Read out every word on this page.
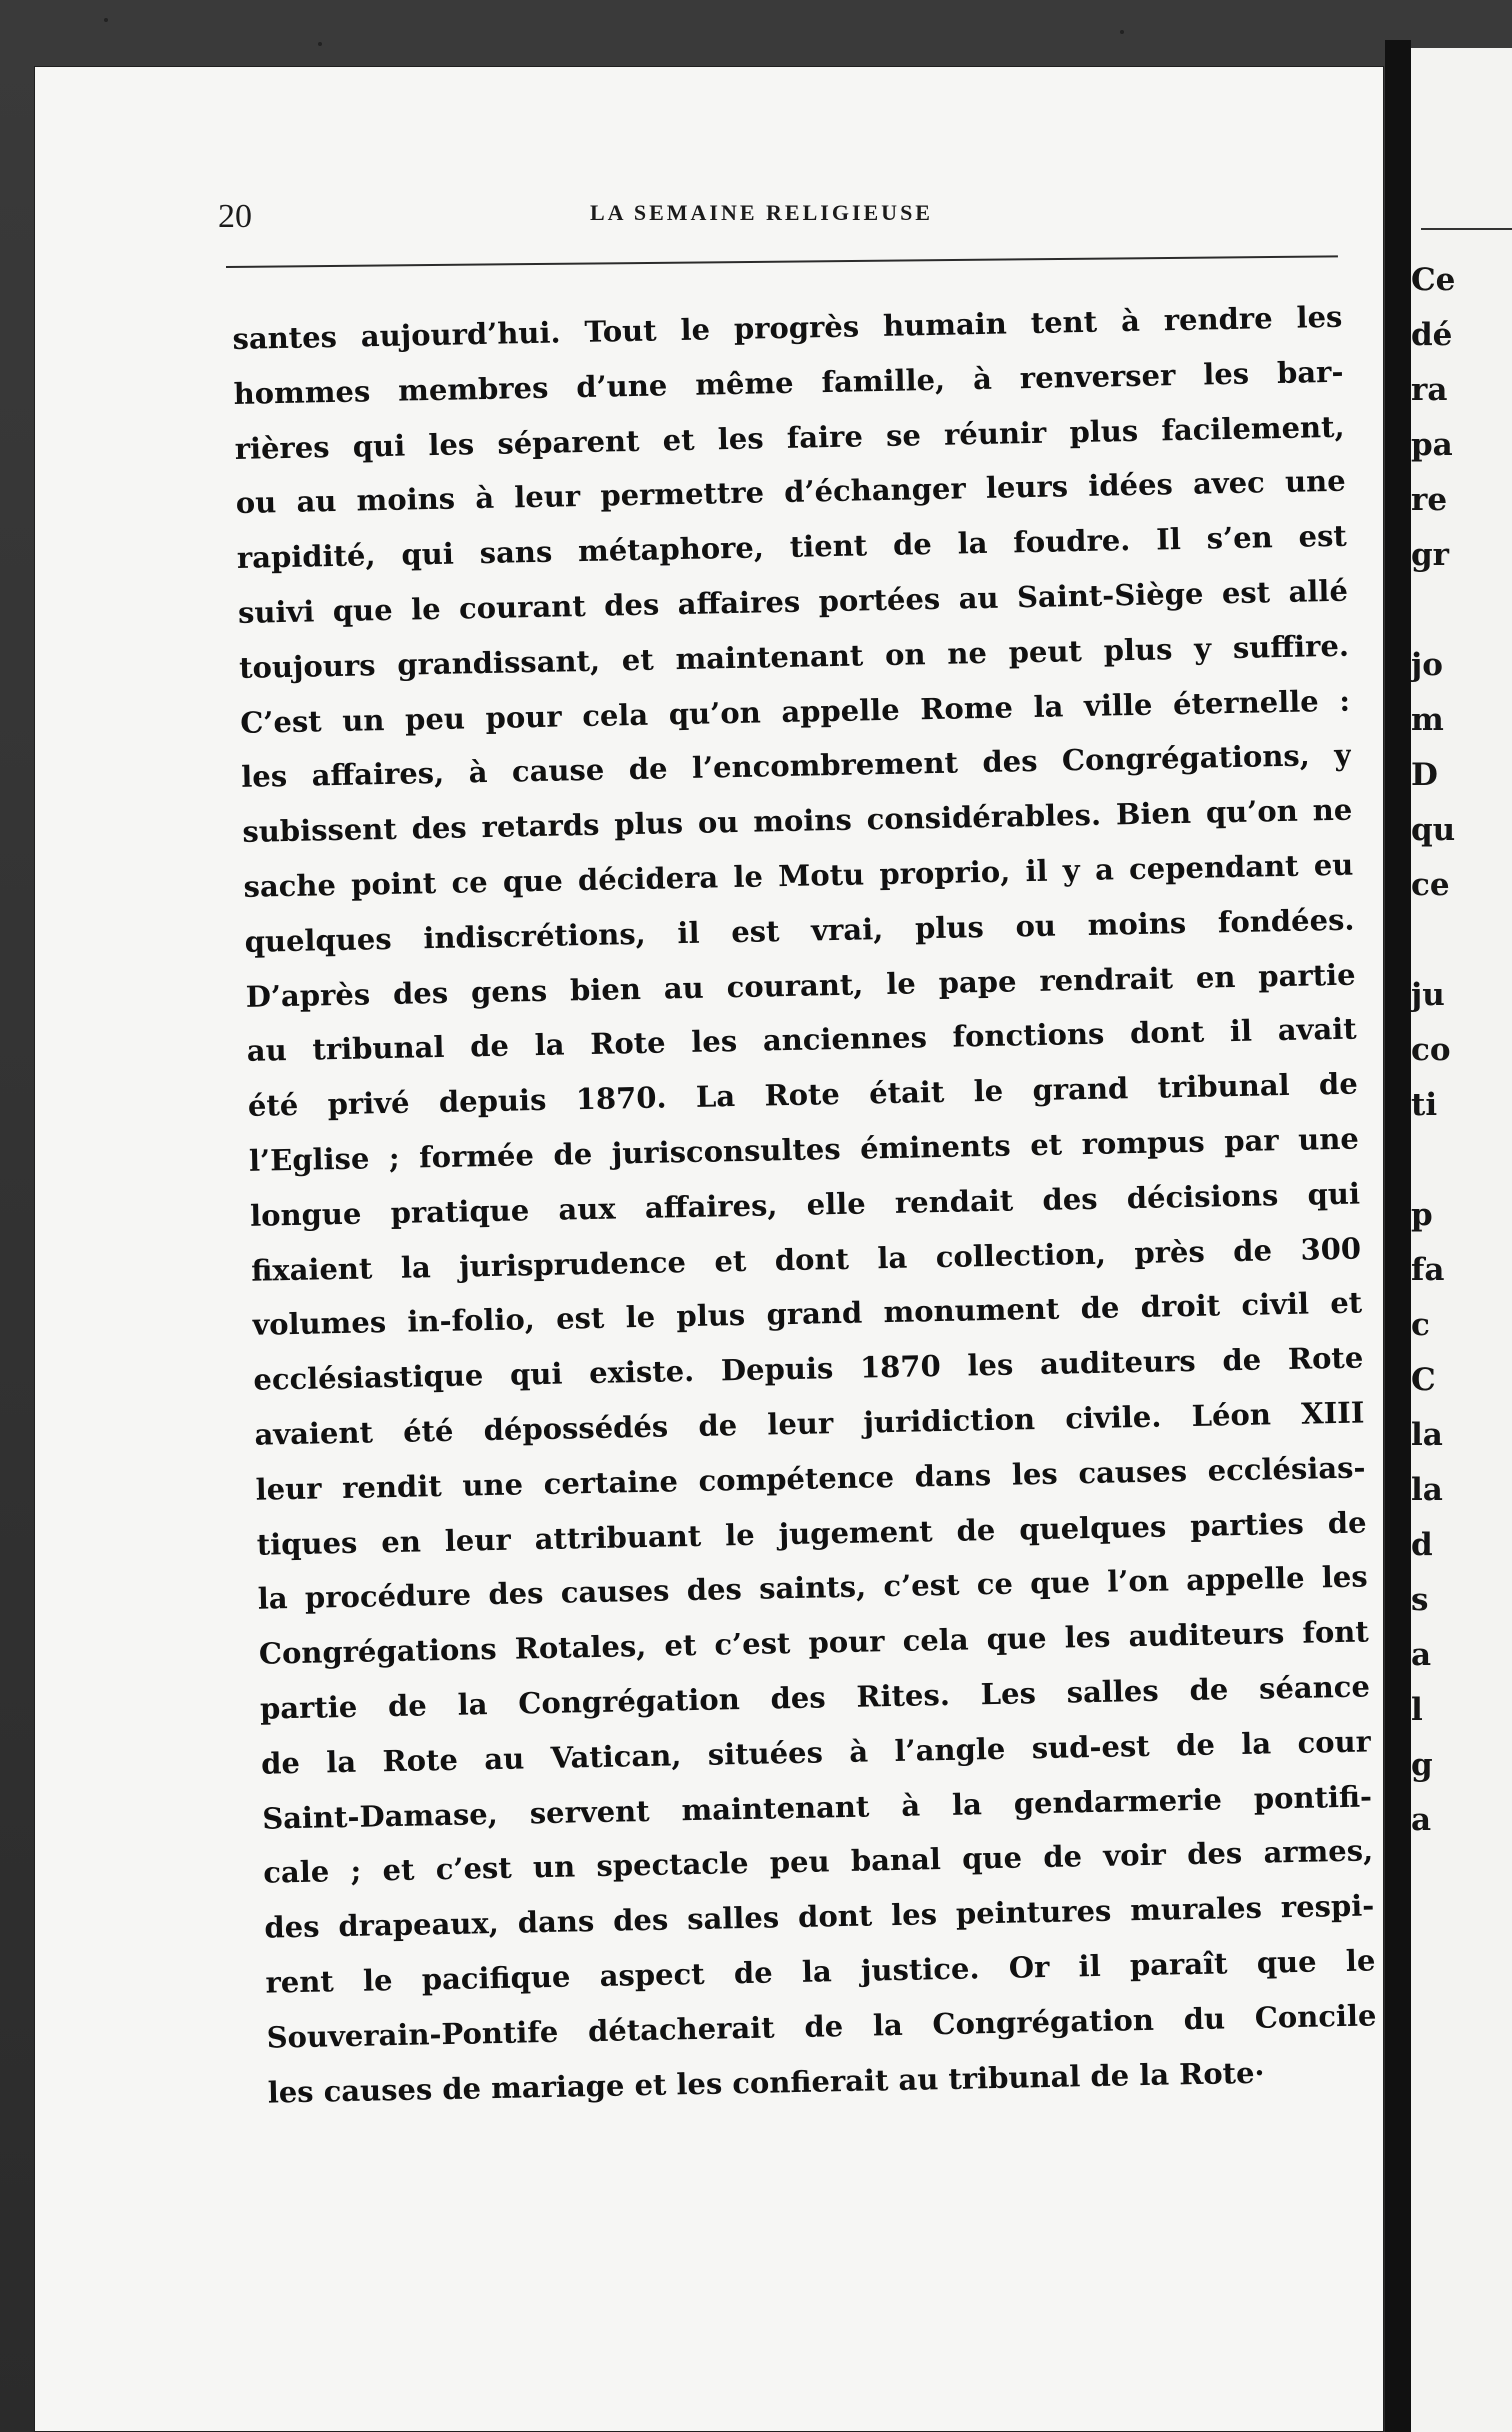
20	LA SEMAINE RELIGIEUSE
santes aujourd’hui. Tout le progrès humain tent à rendre les
hommes membres d’une même famille, à renverser les bar-
rières qui les séparent et les faire se réunir plus facilement,
ou au moins à leur permettre d’échanger leurs idées avec une
rapidité, qui sans métaphore, tient de la foudre. Il s’en est
suivi que le courant des affaires portées au Saint-Siège est allé
toujours grandissant, et maintenant on ne peut plus y suffire.
C’est un peu pour cela qu’on appelle Rome la ville éternelle :
les affaires, à cause de l’encombrement des Congrégations, y
subissent des retards plus ou moins considérables. Bien qu’on ne
sache point ce que décidera le Motu proprio, il y a cependant eu
quelques indiscrétions, il est vrai, plus ou moins fondées.
D’après des gens bien au courant, le pape rendrait en partie
au tribunal de la Rote les anciennes fonctions dont il avait
été privé depuis 1870. La Rote était le grand tribunal de
l’Eglise ; formée de jurisconsultes éminents et rompus par une
longue pratique aux affaires, elle rendait des décisions qui
fixaient la jurisprudence et dont la collection, près de 300
volumes in-folio, est le plus grand monument de droit civil et
ecclésiastique qui existe. Depuis 1870 les auditeurs de Rote
avaient été dépossédés de leur juridiction civile. Léon XIII
leur rendit une certaine compétence dans les causes ecclésias-
tiques en leur attribuant le jugement de quelques parties de
la procédure des causes des saints, c’est ce que l’on appelle les
Congrégations Rotales, et c’est pour cela que les auditeurs font
partie de la Congrégation des Rites. Les salles de séance
de la Rote au Vatican, situées à l’angle sud-est de la cour
Saint-Damase, servent maintenant à la gendarmerie pontifi-
cale ; et c’est un spectacle peu banal que de voir des armes,
des drapeaux, dans des salles dont les peintures murales respi-
rent le pacifique aspect de la justice. Or il paraît que le
Souverain-Pontife détacherait de la Congrégation du Concile
les causes de mariage et les confierait au tribunal de la Rote·
Ce
dé
ra
pa
re
gr
jo
m
D
qu
ce
ju
co
ti
p
fa
c
C
la
la
d
s
a
l
g
a
